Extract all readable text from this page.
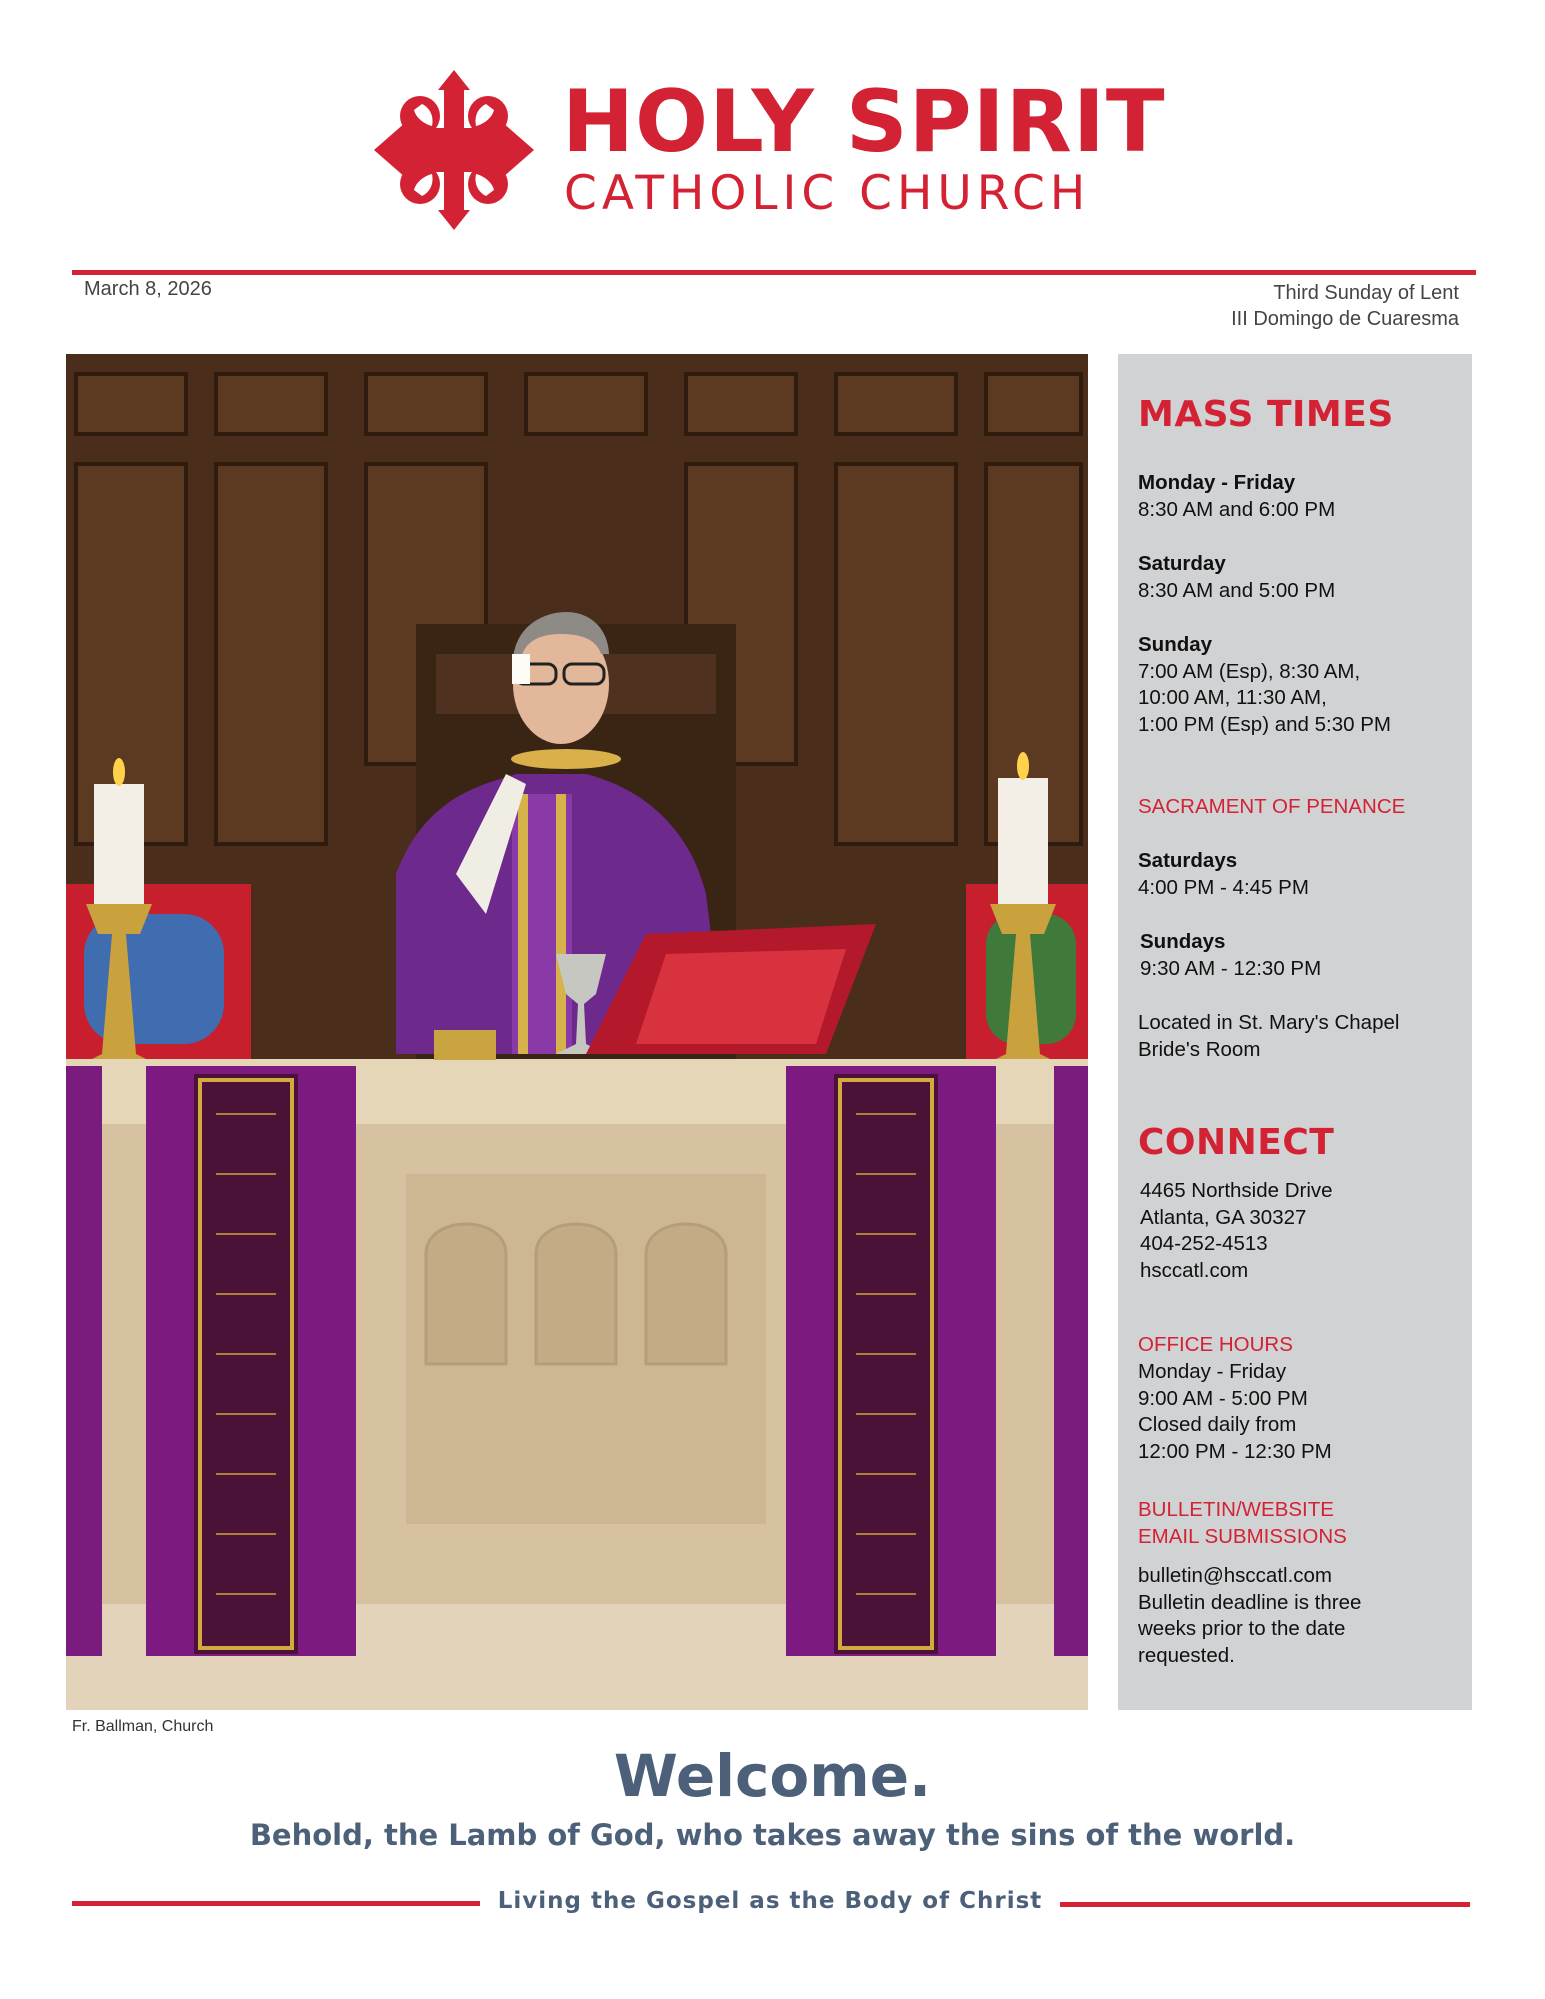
HOLY SPIRIT
CATHOLIC CHURCH
March 8, 2026	Third Sunday of Lent
III Domingo de Cuaresma
Fr. Ballman, Church
MASS TIMES
Monday - Friday
8:30 AM and 6:00 PM
Saturday
8:30 AM and 5:00 PM
Sunday
7:00 AM (Esp), 8:30 AM,
10:00 AM, 11:30 AM,
1:00 PM (Esp) and 5:30 PM
SACRAMENT OF PENANCE
Saturdays
4:00 PM - 4:45 PM
Sundays
9:30 AM - 12:30 PM
Located in St. Mary's Chapel
Bride's Room
CONNECT
4465 Northside Drive
Atlanta, GA 30327
404-252-4513
hsccatl.com
OFFICE HOURS
Monday - Friday
9:00 AM - 5:00 PM
Closed daily from
12:00 PM - 12:30 PM
BULLETIN/WEBSITE
EMAIL SUBMISSIONS
bulletin@hsccatl.com
Bulletin deadline is three
weeks prior to the date
requested.
Welcome.
Behold, the Lamb of God, who takes away the sins of the world.
Living the Gospel as the Body of Christ
